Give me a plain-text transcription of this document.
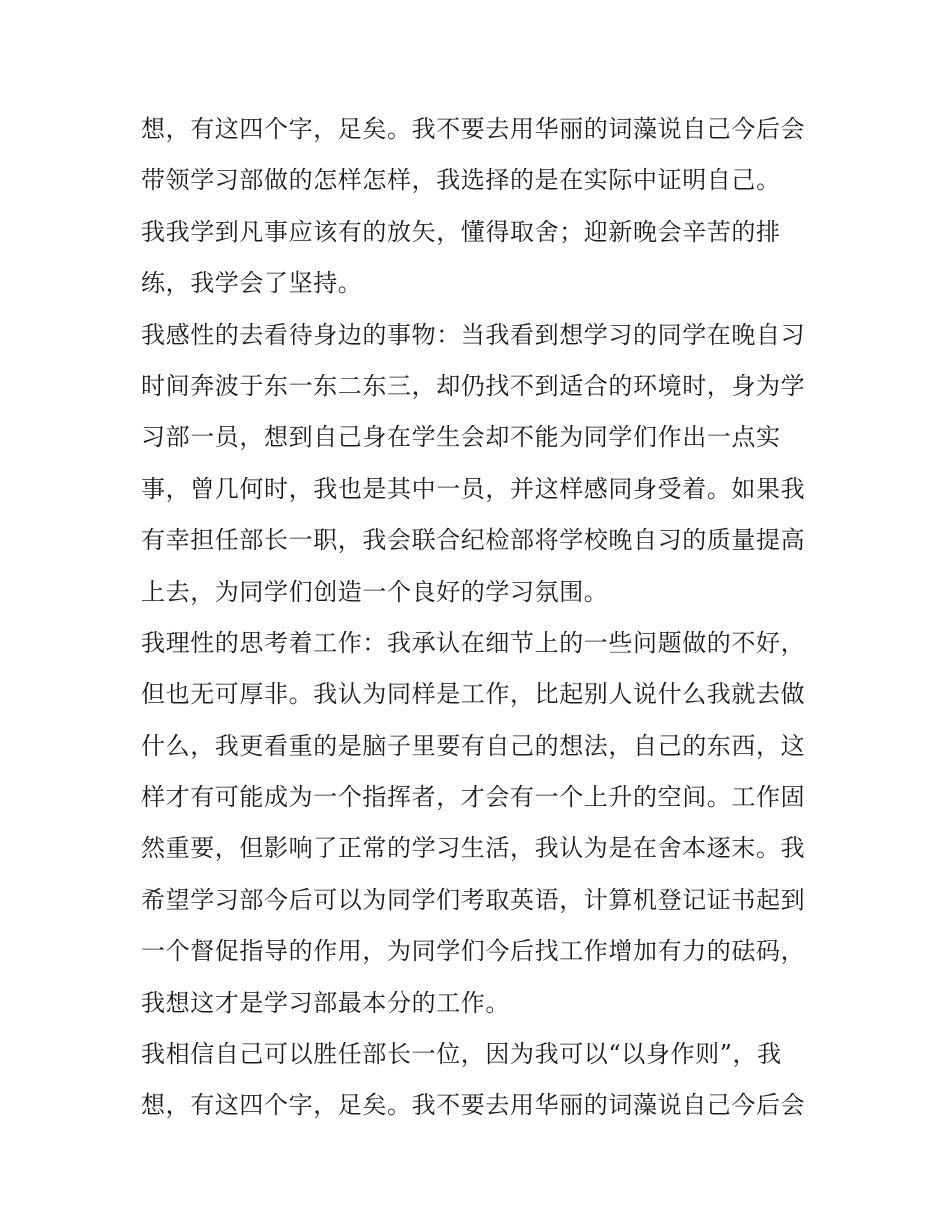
想，有这四个字，足矣。我不要去用华丽的词藻说自己今后会
带领学习部做的怎样怎样，我选择的是在实际中证明自己。
我我学到凡事应该有的放矢，懂得取舍；迎新晚会辛苦的排
练，我学会了坚持。
我感性的去看待身边的事物：当我看到想学习的同学在晚自习
时间奔波于东一东二东三，却仍找不到适合的环境时，身为学
习部一员，想到自己身在学生会却不能为同学们作出一点实
事，曾几何时，我也是其中一员，并这样感同身受着。如果我
有幸担任部长一职，我会联合纪检部将学校晚自习的质量提高
上去，为同学们创造一个良好的学习氛围。
我理性的思考着工作：我承认在细节上的一些问题做的不好，
但也无可厚非。我认为同样是工作，比起别人说什么我就去做
什么，我更看重的是脑子里要有自己的想法，自己的东西，这
样才有可能成为一个指挥者，才会有一个上升的空间。工作固
然重要，但影响了正常的学习生活，我认为是在舍本逐末。我
希望学习部今后可以为同学们考取英语，计算机登记证书起到
一个督促指导的作用，为同学们今后找工作增加有力的砝码，
我想这才是学习部最本分的工作。
我相信自己可以胜任部长一位，因为我可以“以身作则”，我
想，有这四个字，足矣。我不要去用华丽的词藻说自己今后会
